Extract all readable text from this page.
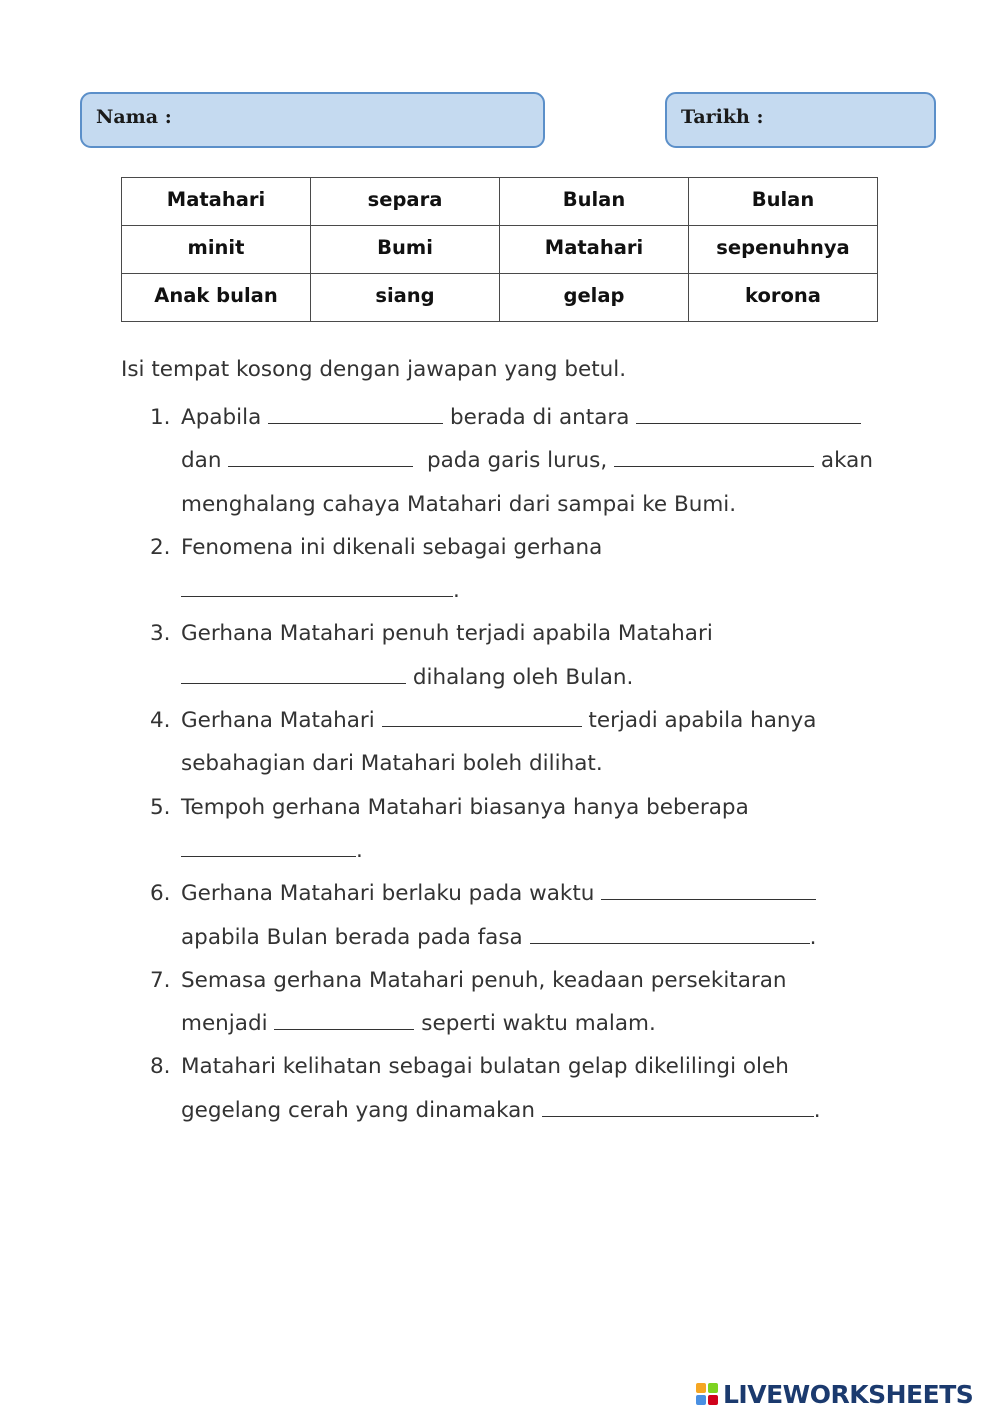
Nama :	Tarikh :
Matahari	separa	Bulan	Bulan
minit	Bumi	Matahari	sepenuhnya
Anak bulan	siang	gelap	korona
Isi tempat kosong dengan jawapan yang betul.
1. Apabila	berada di antara
dan	pada garis lurus,	akan
menghalang cahaya Matahari dari sampai ke Bumi.
2. Fenomena ini dikenali sebagai gerhana
.
3. Gerhana Matahari penuh terjadi apabila Matahari
dihalang oleh Bulan.
4. Gerhana Matahari	terjadi apabila hanya
sebahagian dari Matahari boleh dilihat.
5. Tempoh gerhana Matahari biasanya hanya beberapa
.
6. Gerhana Matahari berlaku pada waktu
apabila Bulan berada pada fasa	.
7. Semasa gerhana Matahari penuh, keadaan persekitaran
menjadi	seperti waktu malam.
8. Matahari kelihatan sebagai bulatan gelap dikelilingi oleh
gegelang cerah yang dinamakan	.
LIVEWORKSHEETS
